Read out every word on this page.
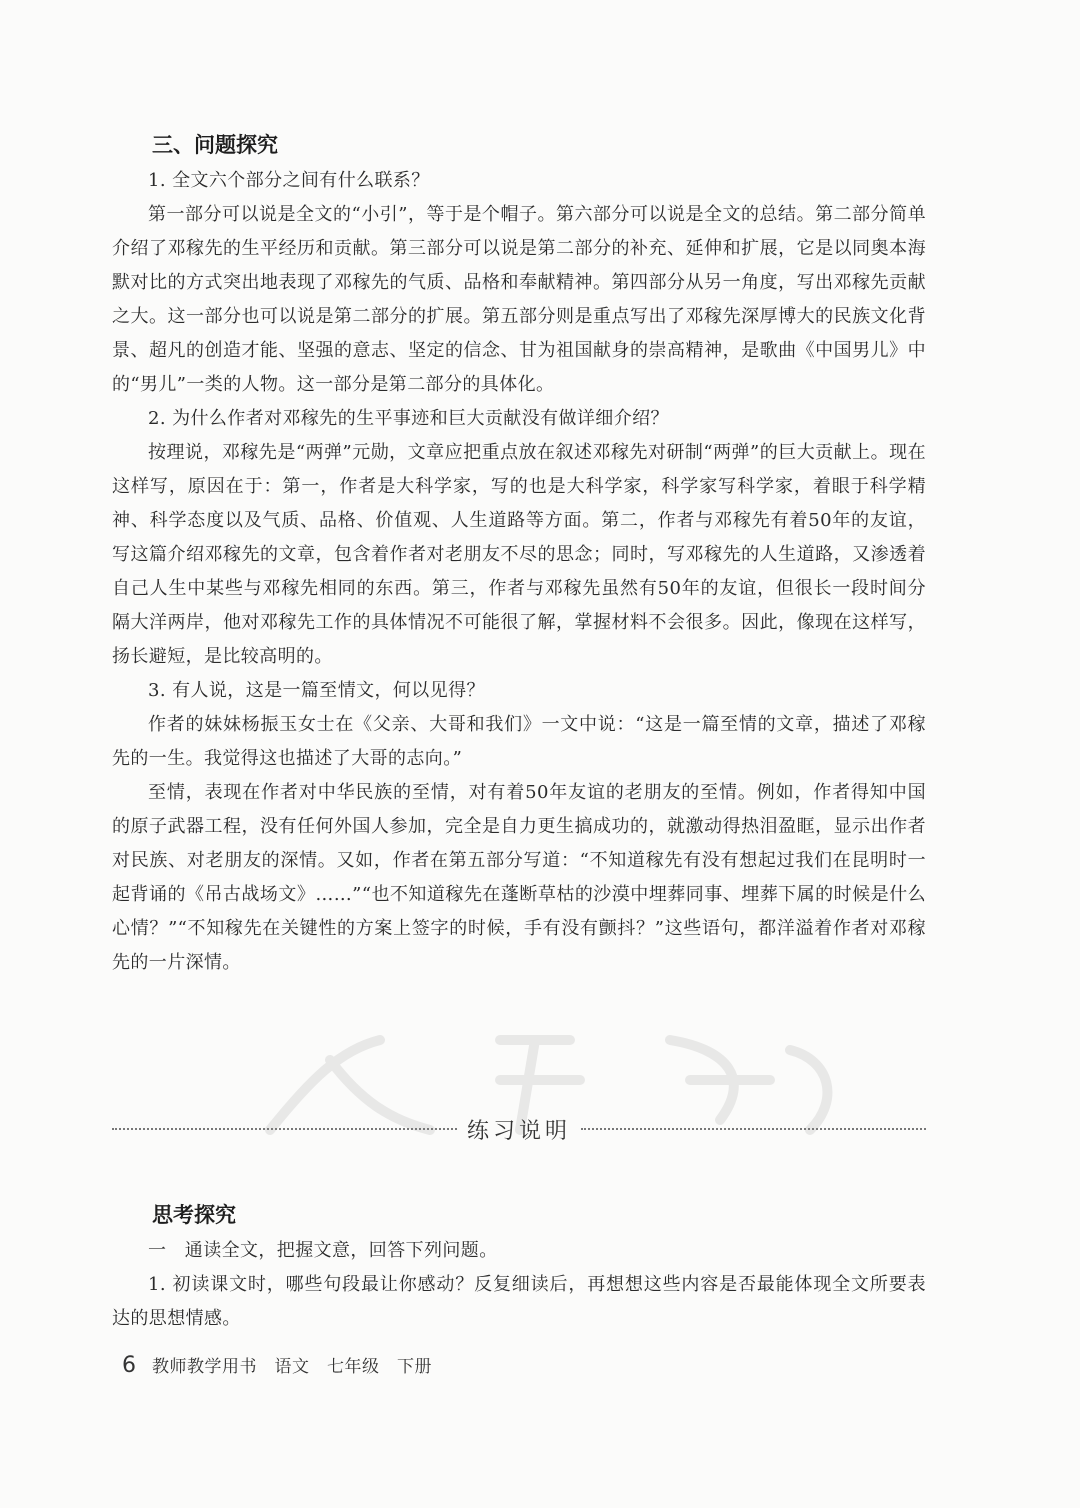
三、问题探究

1. 全文六个部分之间有什么联系？

第一部分可以说是全文的“小引”，等于是个帽子。第六部分可以说是全文的总结。第二部分简单介绍了邓稼先的生平经历和贡献。第三部分可以说是第二部分的补充、延伸和扩展，它是以同奥本海默对比的方式突出地表现了邓稼先的气质、品格和奉献精神。第四部分从另一角度，写出邓稼先贡献之大。这一部分也可以说是第二部分的扩展。第五部分则是重点写出了邓稼先深厚博大的民族文化背景、超凡的创造才能、坚强的意志、坚定的信念、甘为祖国献身的崇高精神，是歌曲《中国男儿》中的“男儿”一类的人物。这一部分是第二部分的具体化。

2. 为什么作者对邓稼先的生平事迹和巨大贡献没有做详细介绍？

按理说，邓稼先是“两弹”元勋，文章应把重点放在叙述邓稼先对研制“两弹”的巨大贡献上。现在这样写，原因在于：第一，作者是大科学家，写的也是大科学家，科学家写科学家，着眼于科学精神、科学态度以及气质、品格、价值观、人生道路等方面。第二，作者与邓稼先有着50年的友谊，写这篇介绍邓稼先的文章，包含着作者对老朋友不尽的思念；同时，写邓稼先的人生道路，又渗透着自己人生中某些与邓稼先相同的东西。第三，作者与邓稼先虽然有50年的友谊，但很长一段时间分隔大洋两岸，他对邓稼先工作的具体情况不可能很了解，掌握材料不会很多。因此，像现在这样写，扬长避短，是比较高明的。

3. 有人说，这是一篇至情文，何以见得？

作者的妹妹杨振玉女士在《父亲、大哥和我们》一文中说：“这是一篇至情的文章，描述了邓稼先的一生。我觉得这也描述了大哥的志向。”

至情，表现在作者对中华民族的至情，对有着50年友谊的老朋友的至情。例如，作者得知中国的原子武器工程，没有任何外国人参加，完全是自力更生搞成功的，就激动得热泪盈眶，显示出作者对民族、对老朋友的深情。又如，作者在第五部分写道：“不知道稼先有没有想起过我们在昆明时一起背诵的《吊古战场文》……”“也不知道稼先在蓬断草枯的沙漠中埋葬同事、埋葬下属的时候是什么心情？”“不知稼先在关键性的方案上签字的时候，手有没有颤抖？”这些语句，都洋溢着作者对邓稼先的一片深情。

练习说明
思考探究

一　通读全文，把握文意，回答下列问题。

1. 初读课文时，哪些句段最让你感动？反复细读后，再想想这些内容是否最能体现全文所要表达的思想情感。

6 教师教学用书　语文　七年级　下册
